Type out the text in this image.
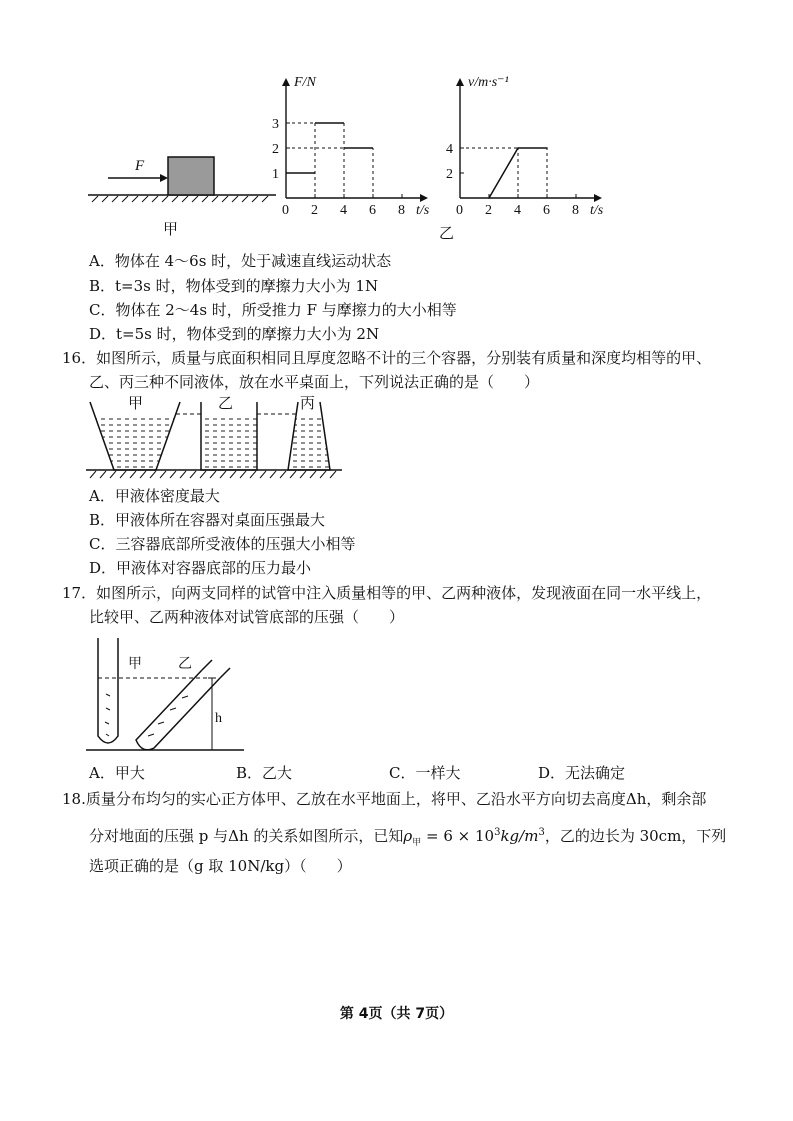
F
甲
F/N
t/s
0 2 4 6 8
1
2
3
v/m·s⁻¹
t/s
0 2 4 6 8
2
4
乙
A．物体在 4～6s 时，处于减速直线运动状态
B．t=3s 时，物体受到的摩擦力大小为 1N
C．物体在 2～4s 时，所受推力 F 与摩擦力的大小相等
D．t=5s 时，物体受到的摩擦力大小为 2N
16．如图所示，质量与底面积相同且厚度忽略不计的三个容器，分别装有质量和深度均相等的甲、
乙、丙三种不同液体，放在水平桌面上，下列说法正确的是（　　）
甲	乙	丙
A．甲液体密度最大
B．甲液体所在容器对桌面压强最大
C．三容器底部所受液体的压强大小相等
D．甲液体对容器底部的压力最小
17．如图所示，向两支同样的试管中注入质量相等的甲、乙两种液体，发现液面在同一水平线上，
比较甲、乙两种液体对试管底部的压强（　　）
h
甲	乙
A．甲大	B．乙大	C．一样大	D．无法确定
18.质量分布均匀的实心正方体甲、乙放在水平地面上，将甲、乙沿水平方向切去高度Δh，剩余部
分对地面的压强 p 与Δh 的关系如图所示，已知$\rho_甲 = 6 \times 10^3kg/m^3$，乙的边长为 30cm，下列
选项正确的是（g 取 10N/kg）（　　）
第 4页（共 7页）
